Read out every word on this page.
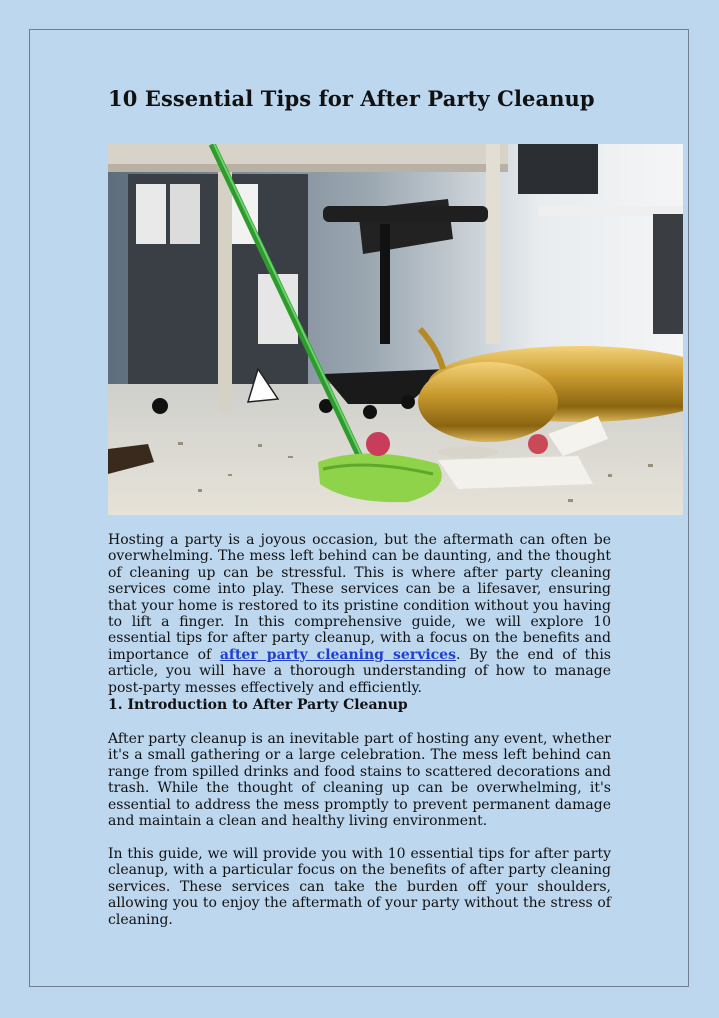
10 Essential Tips for After Party Cleanup

Hosting a party is a joyous occasion, but the aftermath can often be overwhelming. The mess left behind can be daunting, and the thought of cleaning up can be stressful. This is where after party cleaning services come into play. These services can be a lifesaver, ensuring that your home is restored to its pristine condition without you having to lift a finger. In this comprehensive guide, we will explore 10 essential tips for after party cleanup, with a focus on the benefits and importance of after party cleaning services. By the end of this article, you will have a thorough understanding of how to manage post-party messes effectively and efficiently.

1. Introduction to After Party Cleanup

After party cleanup is an inevitable part of hosting any event, whether it's a small gathering or a large celebration. The mess left behind can range from spilled drinks and food stains to scattered decorations and trash. While the thought of cleaning up can be overwhelming, it's essential to address the mess promptly to prevent permanent damage and maintain a clean and healthy living environment.

In this guide, we will provide you with 10 essential tips for after party cleanup, with a particular focus on the benefits of after party cleaning services. These services can take the burden off your shoulders, allowing you to enjoy the aftermath of your party without the stress of cleaning.
